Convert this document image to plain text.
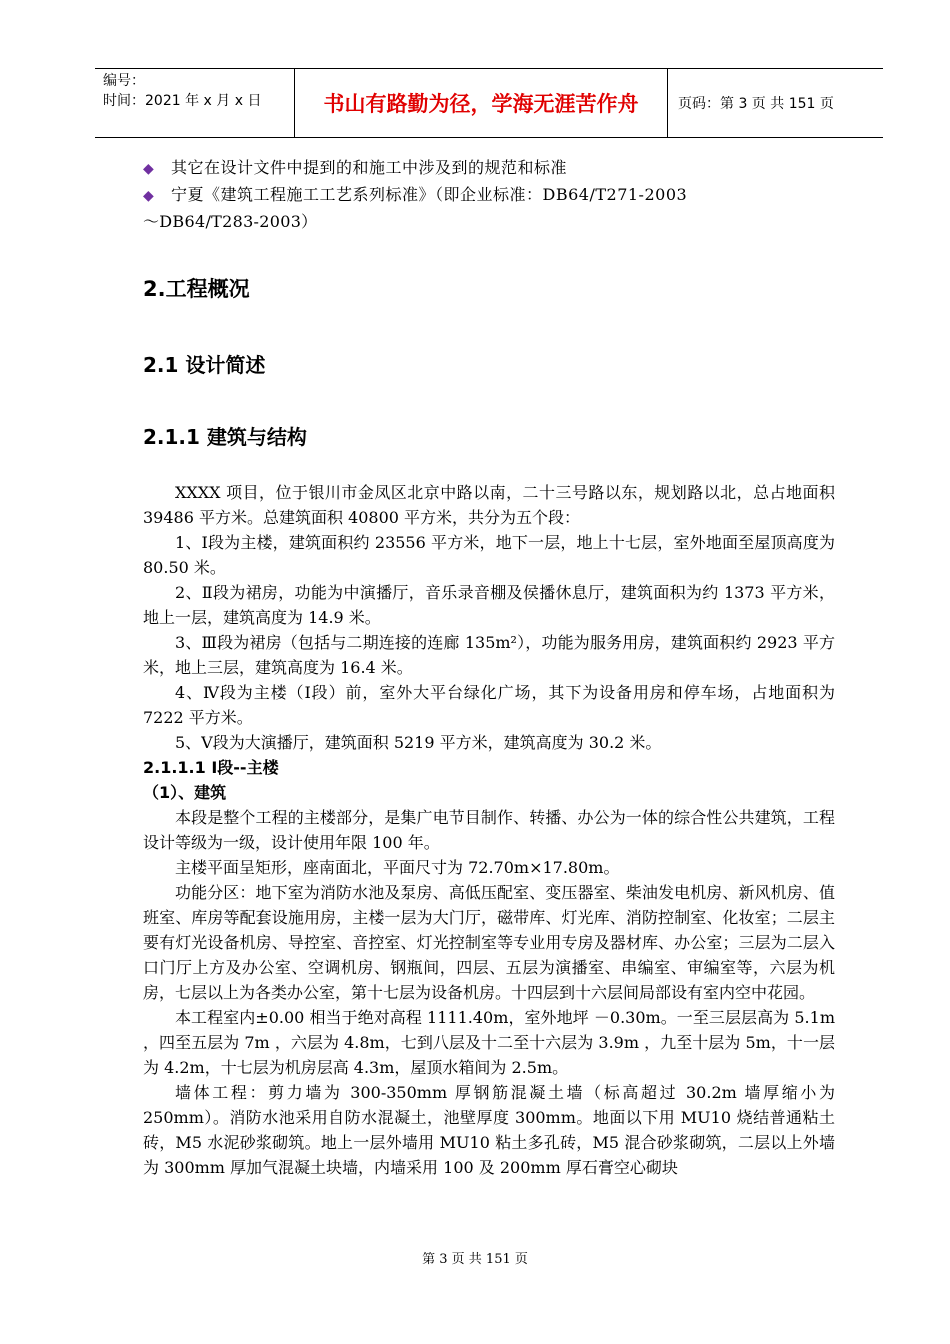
编号：
时间：2021 年 x 月 x 日	书山有路勤为径，学海无涯苦作舟	页码：第 3 页 共 151 页
◆ 其它在设计文件中提到的和施工中涉及到的规范和标准
◆ 宁夏《建筑工程施工工艺系列标准》（即企业标准：DB64/T271-2003
～DB64/T283-2003）
2.工程概况
2.1 设计简述
2.1.1 建筑与结构

XXXX 项目，位于银川市金凤区北京中路以南，二十三号路以东，规划路以北，总占地面积 39486 平方米。总建筑面积 40800 平方米，共分为五个段：

1、Ⅰ段为主楼，建筑面积约 23556 平方米，地下一层，地上十七层，室外地面至屋顶高度为 80.50 米。

2、Ⅱ段为裙房，功能为中演播厅，音乐录音棚及侯播休息厅，建筑面积为约 1373 平方米，地上一层，建筑高度为 14.9 米。

3、Ⅲ段为裙房（包括与二期连接的连廊 135m²），功能为服务用房，建筑面积约 2923 平方米，地上三层，建筑高度为 16.4 米。

4、Ⅳ段为主楼（Ⅰ段）前，室外大平台绿化广场，其下为设备用房和停车场，占地面积为 7222 平方米。

5、Ⅴ段为大演播厅，建筑面积 5219 平方米，建筑高度为 30.2 米。

2.1.1.1 Ⅰ段--主楼
（1）、建筑

本段是整个工程的主楼部分，是集广电节目制作、转播、办公为一体的综合性公共建筑，工程设计等级为一级，设计使用年限 100 年。

主楼平面呈矩形，座南面北，平面尺寸为 72.70m×17.80m。

功能分区：地下室为消防水池及泵房、高低压配室、变压器室、柴油发电机房、新风机房、值班室、库房等配套设施用房，主楼一层为大门厅，磁带库、灯光库、消防控制室、化妆室；二层主要有灯光设备机房、导控室、音控室、灯光控制室等专业用专房及器材库、办公室；三层为二层入口门厅上方及办公室、空调机房、钢瓶间，四层、五层为演播室、串编室、审编室等，六层为机房，七层以上为各类办公室，第十七层为设备机房。十四层到十六层间局部设有室内空中花园。

本工程室内±0.00 相当于绝对高程 1111.40m，室外地坪 －0.30m。一至三层层高为 5.1m ，四至五层为 7m ，六层为 4.8m，七到八层及十二至十六层为 3.9m ，九至十层为 5m，十一层为 4.2m，十七层为机房层高 4.3m，屋顶水箱间为 2.5m。

墙体工程：剪力墙为 300-350mm 厚钢筋混凝土墙（标高超过 30.2m 墙厚缩小为 250mm）。消防水池采用自防水混凝土，池壁厚度 300mm。地面以下用 MU10 烧结普通粘土砖，M5 水泥砂浆砌筑。地上一层外墙用 MU10 粘土多孔砖，M5 混合砂浆砌筑，二层以上外墙为 300mm 厚加气混凝土块墙，内墙采用 100 及 200mm 厚石膏空心砌块

第 3 页 共 151 页
